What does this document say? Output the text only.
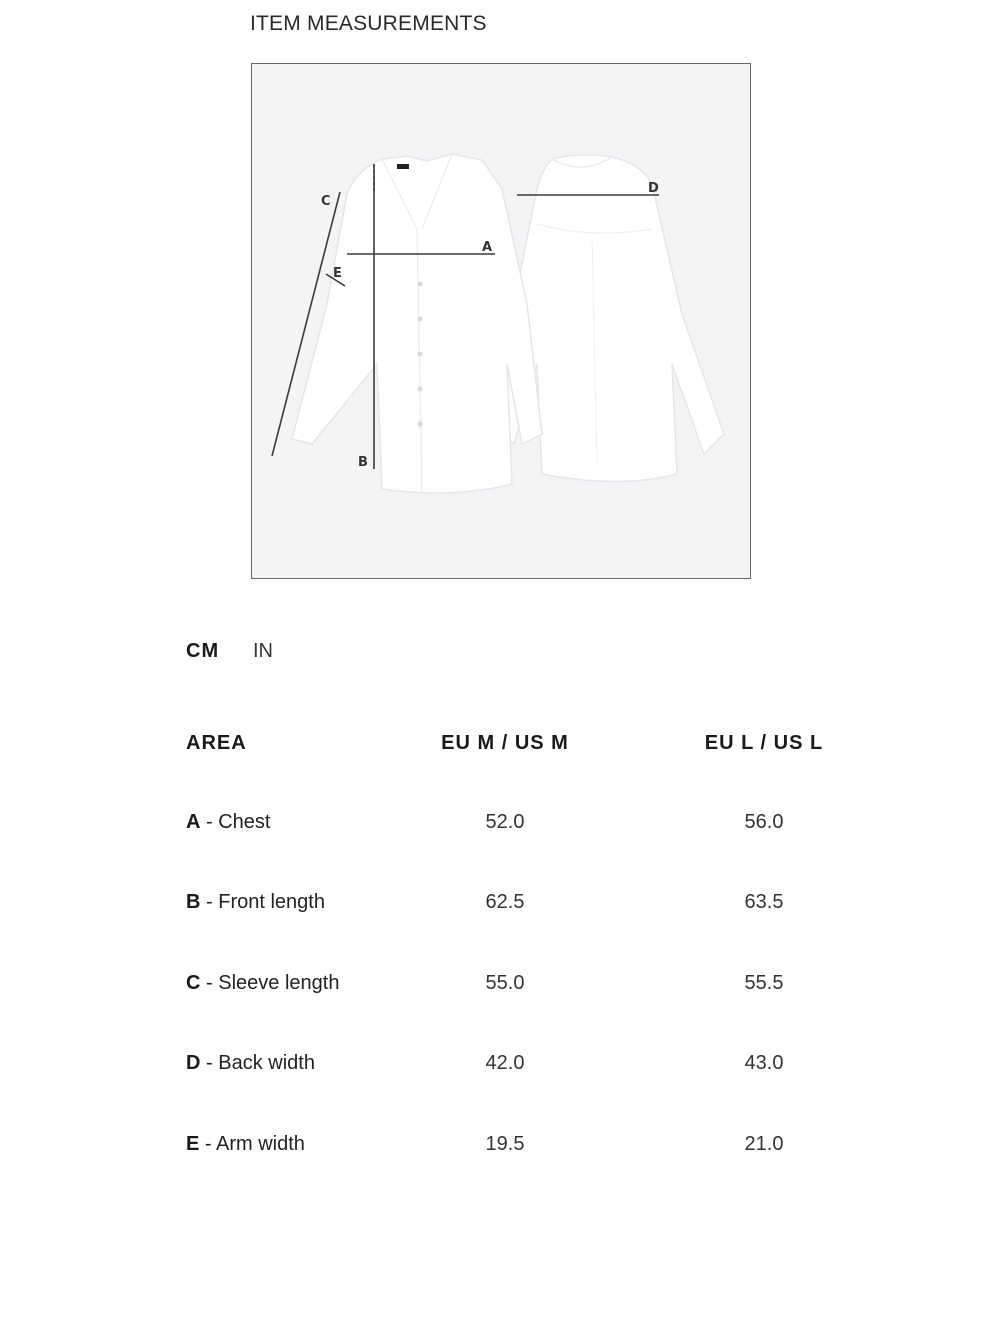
ITEM MEASUREMENTS
A
B
C
D
E
CM IN
AREA	EU M / US M	EU L / US L
A - Chest	52.0	56.0
B - Front length	62.5	63.5
C - Sleeve length	55.0	55.5
D - Back width	42.0	43.0
E - Arm width	19.5	21.0
